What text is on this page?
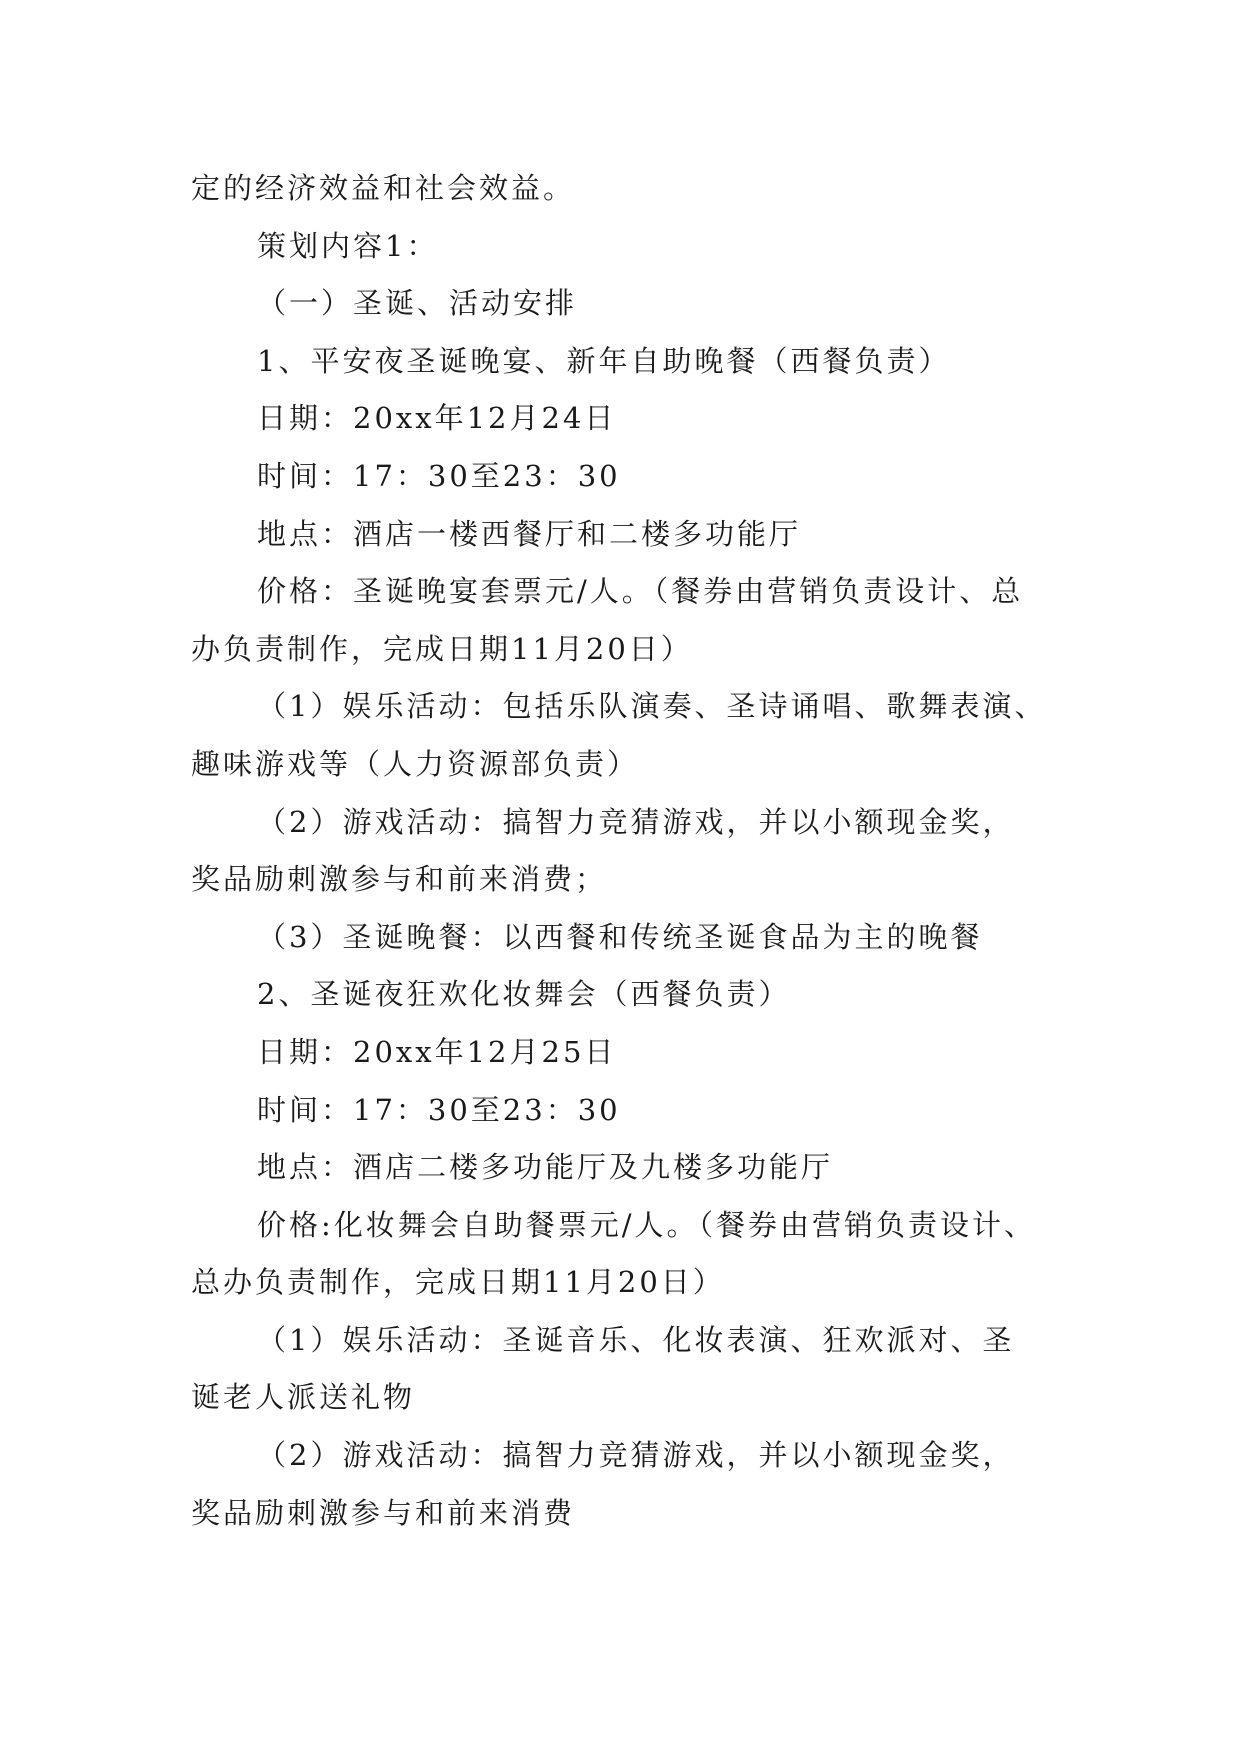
定的经济效益和社会效益。
策划内容1：
（一）圣诞、活动安排
1、平安夜圣诞晚宴、新年自助晚餐（西餐负责）
日期：20xx年12月24日
时间：17：30至23：30
地点：酒店一楼西餐厅和二楼多功能厅
价格：圣诞晚宴套票元/人。（餐券由营销负责设计、总
办负责制作，完成日期11月20日）
（1）娱乐活动：包括乐队演奏、圣诗诵唱、歌舞表演、
趣味游戏等（人力资源部负责）
（2）游戏活动：搞智力竞猜游戏，并以小额现金奖，
奖品励刺激参与和前来消费；
（3）圣诞晚餐：以西餐和传统圣诞食品为主的晚餐
2、圣诞夜狂欢化妆舞会（西餐负责）
日期：20xx年12月25日
时间：17：30至23：30
地点：酒店二楼多功能厅及九楼多功能厅
价格:化妆舞会自助餐票元/人。（餐券由营销负责设计、
总办负责制作，完成日期11月20日）
（1）娱乐活动：圣诞音乐、化妆表演、狂欢派对、圣
诞老人派送礼物
（2）游戏活动：搞智力竞猜游戏，并以小额现金奖，
奖品励刺激参与和前来消费
